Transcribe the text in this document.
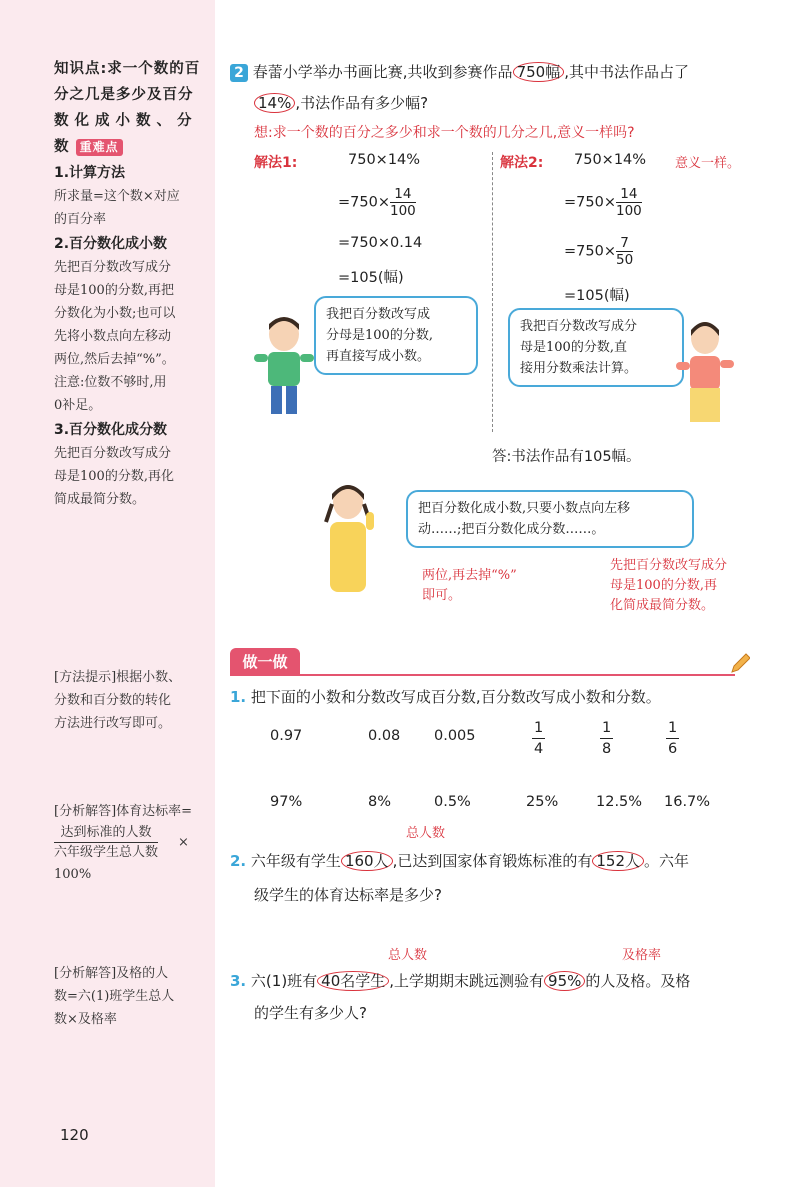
知识点:求一个数的百
分之几是多少及百分
数化成小数、分
数 重难点
1.计算方法
所求量=这个数×对应
的百分率
2.百分数化成小数
先把百分数改写成分
母是100的分数,再把
分数化为小数;也可以
先将小数点向左移动
两位,然后去掉“%”。
注意:位数不够时,用
0补足。
3.百分数化成分数
先把百分数改写成分
母是100的分数,再化
简成最简分数。
[方法提示]根据小数、
分数和百分数的转化
方法进行改写即可。
[分析解答]体育达标率=
达到标准的人数
六年级学生总人数
×
100%
[分析解答]及格的人
数=六(1)班学生总人
数×及格率
120
2 春蕾小学举办书画比赛,共收到参赛作品 750幅 ,其中书法作品占了
14% ,书法作品有多少幅?
想:求一个数的百分之多少和求一个数的几分之几,意义一样吗?
意义一样。
解法1:	750×14%
$=750\times \frac{14}{100}$
=750×0.14
=105(幅)
解法2: 750×14%
$=750\times \frac{14}{100}$
$=750\times \frac{7}{50}$
=105(幅)
我把百分数改写成
分母是100的分数,
再直接写成小数。
我把百分数改写成分
母是100的分数,直
接用分数乘法计算。
答:书法作品有105幅。
把百分数化成小数,只要小数点向左移
动……;把百分数化成分数……。
两位,再去掉“%”
即可。
先把百分数改写成分
母是100的分数,再
化简成最简分数。
做一做
1. 把下面的小数和分数改写成百分数,百分数改写成小数和分数。
0.97	0.08 0.005	$\frac{1}{4}$	$\frac{1}{8}$	$\frac{1}{6}$
97%	8%	0.5%	25%	12.5% 16.7%
总人数
2. 六年级有学生 160人 ,已达到国家体育锻炼标准的有 152人 。六年
级学生的体育达标率是多少?
总人数	及格率
3. 六(1)班有 40名学生 ,上学期期末跳远测验有 95% 的人及格。及格
的学生有多少人?
